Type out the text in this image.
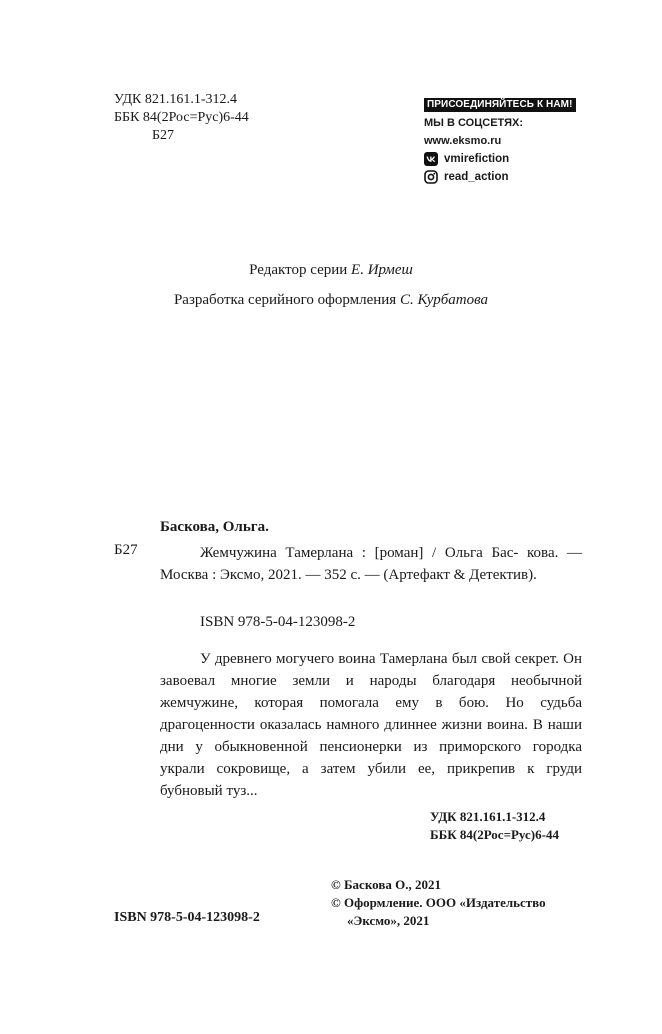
УДК 821.161.1-312.4
ББК 84(2Рос=Рус)6-44
Б27
ПРИСОЕДИНЯЙТЕСЬ К НАМ!
МЫ В СОЦСЕТЯХ:
www.eksmo.ru
vmirefiction
read_action
Редактор серии Е. Ирмеш
Разработка серийного оформления С. Курбатова
Баскова, Ольга.
Б27	Жемчужина Тамерлана : [роман] / Ольга Бас- кова. — Москва : Эксмо, 2021. — 352 с. — (Артефакт & Детектив).

ISBN 978-5-04-123098-2

У древнего могучего воина Тамерлана был свой секрет. Он завоевал многие земли и народы благодаря необычной жемчужине, которая помогала ему в бою. Но судьба драгоценности оказалась намного длиннее жизни воина. В наши дни у обыкновенной пенсионерки из приморского городка украли сокровище, а затем убили ее, прикрепив к груди бубновый туз...

УДК 821.161.1-312.4
ББК 84(2Рос=Рус)6-44
© Баскова О., 2021
© Оформление. ООО «Издательство
«Эксмо», 2021
ISBN 978-5-04-123098-2
